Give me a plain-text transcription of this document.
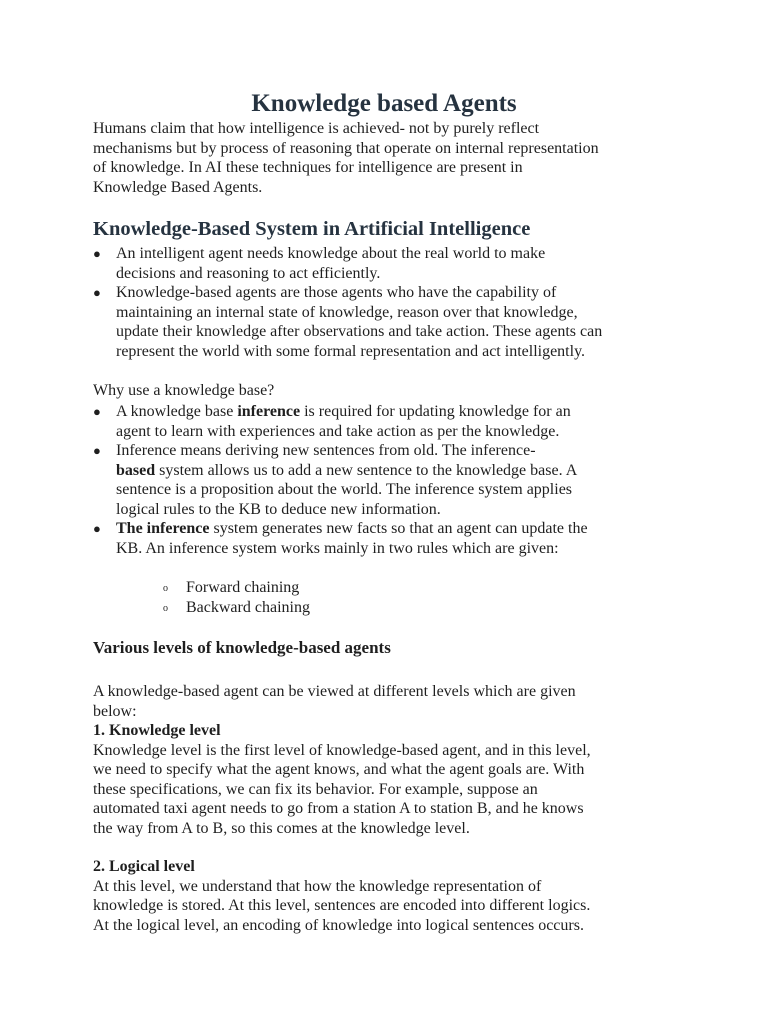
Knowledge based Agents
Humans claim that how intelligence is achieved- not by purely reflect
mechanisms but by process of reasoning that operate on internal representation
of knowledge. In AI these techniques for intelligence are present in
Knowledge Based Agents.
Knowledge-Based System in Artificial Intelligence
● An intelligent agent needs knowledge about the real world to make
decisions and reasoning to act efficiently.
● Knowledge-based agents are those agents who have the capability of
maintaining an internal state of knowledge, reason over that knowledge,
update their knowledge after observations and take action. These agents can
represent the world with some formal representation and act intelligently.
Why use a knowledge base?
● A knowledge base inference is required for updating knowledge for an
agent to learn with experiences and take action as per the knowledge.
● Inference means deriving new sentences from old. The inference-
based system allows us to add a new sentence to the knowledge base. A
sentence is a proposition about the world. The inference system applies
logical rules to the KB to deduce new information.
● The inference system generates new facts so that an agent can update the
KB. An inference system works mainly in two rules which are given:
o Forward chaining
o Backward chaining
Various levels of knowledge-based agents
A knowledge-based agent can be viewed at different levels which are given
below:
1. Knowledge level
Knowledge level is the first level of knowledge-based agent, and in this level,
we need to specify what the agent knows, and what the agent goals are. With
these specifications, we can fix its behavior. For example, suppose an
automated taxi agent needs to go from a station A to station B, and he knows
the way from A to B, so this comes at the knowledge level.
2. Logical level
At this level, we understand that how the knowledge representation of
knowledge is stored. At this level, sentences are encoded into different logics.
At the logical level, an encoding of knowledge into logical sentences occurs.
